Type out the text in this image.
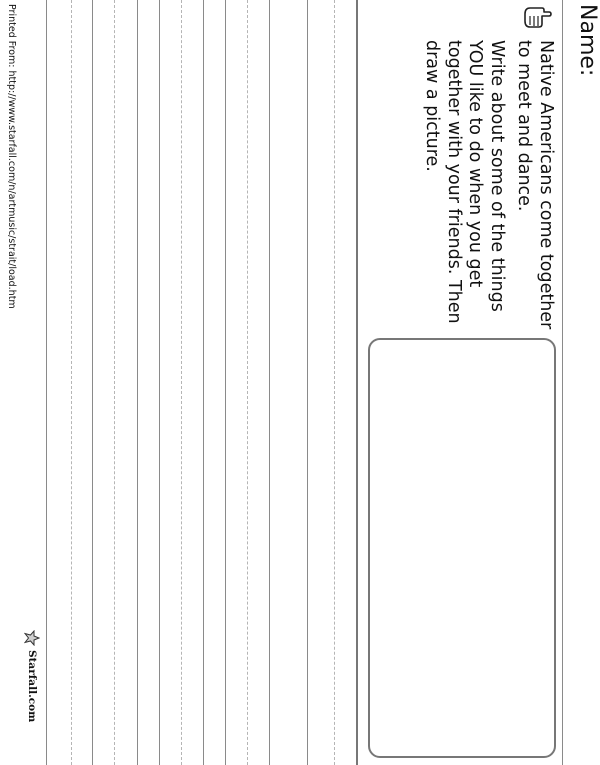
Name:

Native Americans come together to meet and dance.

Write about some of the things YOU like to do when you get together with your friends. Then draw a picture.

Printed From: http://www.starfall.com/n/artmusic/strait/load.htm
Starfall.com
